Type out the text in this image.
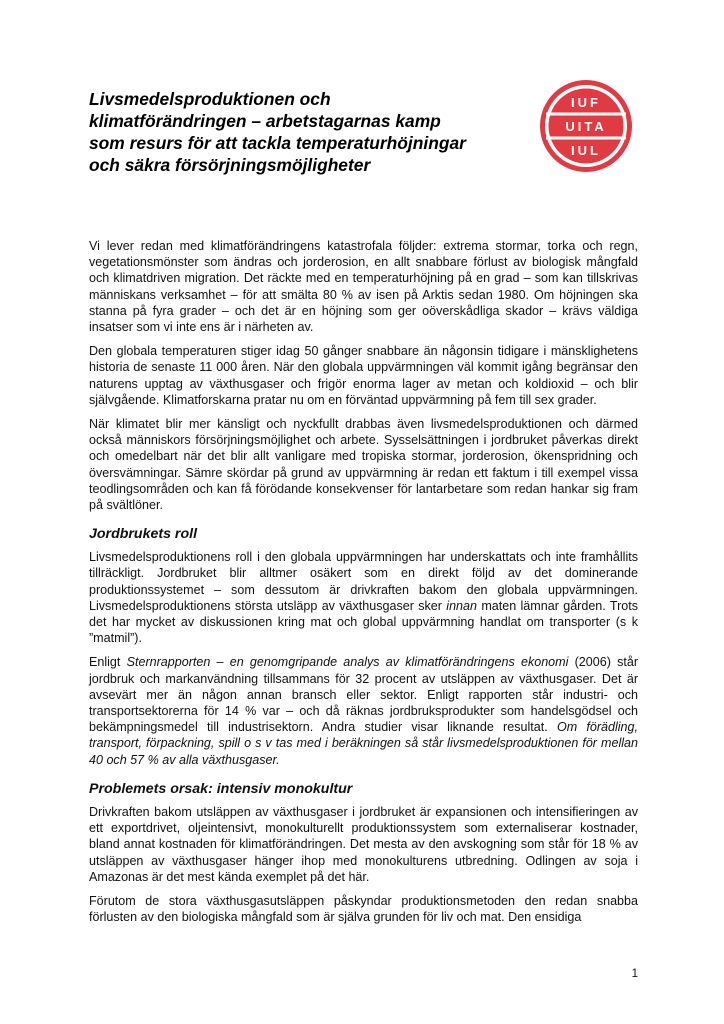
Livsmedelsproduktionen och
klimatförändringen – arbetstagarnas kamp
som resurs för att tackla temperaturhöjningar
och säkra försörjningsmöjligheter
IUF
UITA
IUL

Vi lever redan med klimatförändringens katastrofala följder: extrema stormar, torka och regn, vegetationsmönster som ändras och jorderosion, en allt snabbare förlust av biologisk mångfald och klimatdriven migration. Det räckte med en temperaturhöjning på en grad – som kan tillskrivas människans verksamhet – för att smälta 80 % av isen på Arktis sedan 1980. Om höjningen ska stanna på fyra grader – och det är en höjning som ger oöverskådliga skador – krävs väldiga insatser som vi inte ens är i närheten av.

Den globala temperaturen stiger idag 50 gånger snabbare än någonsin tidigare i mänsklighetens historia de senaste 11 000 åren. När den globala uppvärmningen väl kommit igång begränsar den naturens upptag av växthusgaser och frigör enorma lager av metan och koldioxid – och blir självgående. Klimatforskarna pratar nu om en förväntad uppvärmning på fem till sex grader.

När klimatet blir mer känsligt och nyckfullt drabbas även livsmedelsproduktionen och därmed också människors försörjningsmöjlighet och arbete. Sysselsättningen i jordbruket påverkas direkt och omedelbart när det blir allt vanligare med tropiska stormar, jorderosion, ökenspridning och översvämningar. Sämre skördar på grund av uppvärmning är redan ett faktum i till exempel vissa teodlingsområden och kan få förödande konsekvenser för lantarbetare som redan hankar sig fram på svältlöner.

Jordbrukets roll

Livsmedelsproduktionens roll i den globala uppvärmningen har underskattats och inte framhållits tillräckligt. Jordbruket blir alltmer osäkert som en direkt följd av det dominerande produktionssystemet – som dessutom är drivkraften bakom den globala uppvärmningen. Livsmedelsproduktionens största utsläpp av växthusgaser sker innan maten lämnar gården. Trots det har mycket av diskussionen kring mat och global uppvärmning handlat om transporter (s k ”matmil”).

Enligt Sternrapporten – en genomgripande analys av klimatförändringens ekonomi (2006) står jordbruk och markanvändning tillsammans för 32 procent av utsläppen av växthusgaser. Det är avsevärt mer än någon annan bransch eller sektor. Enligt rapporten står industri- och transportsektorerna för 14 % var – och då räknas jordbruksprodukter som handelsgödsel och bekämpningsmedel till industrisektorn. Andra studier visar liknande resultat. Om förädling, transport, förpackning, spill o s v tas med i beräkningen så står livsmedelsproduktionen för mellan 40 och 57 % av alla växthusgaser.

Problemets orsak: intensiv monokultur

Drivkraften bakom utsläppen av växthusgaser i jordbruket är expansionen och intensifieringen av ett exportdrivet, oljeintensivt, monokulturellt produktionssystem som externaliserar kostnader, bland annat kostnaden för klimatförändringen. Det mesta av den avskogning som står för 18 % av utsläppen av växthusgaser hänger ihop med monokulturens utbredning. Odlingen av soja i Amazonas är det mest kända exemplet på det här.

Förutom de stora växthusgasutsläppen påskyndar produktionsmetoden den redan snabba förlusten av den biologiska mångfald som är själva grunden för liv och mat. Den ensidiga

1
